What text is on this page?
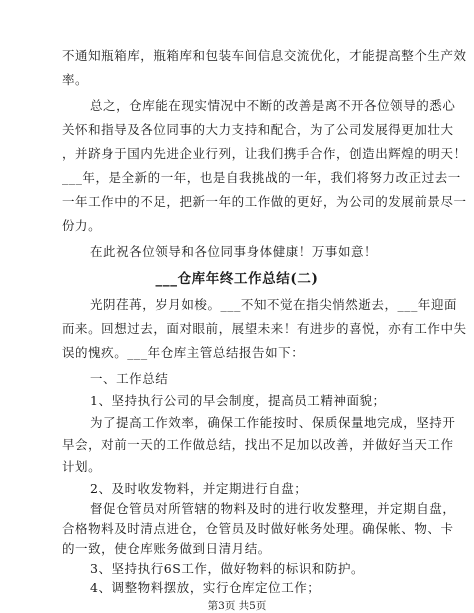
不通知瓶箱库，瓶箱库和包装车间信息交流优化，才能提高整个生产效
率。
总之，仓库能在现实情况中不断的改善是离不开各位领导的悉心
关怀和指导及各位同事的大力支持和配合，为了公司发展得更加壮大
，并跻身于国内先进企业行列，让我们携手合作，创造出辉煌的明天！
___年，是全新的一年，也是自我挑战的一年，我们将努力改正过去一
一年工作中的不足，把新一年的工作做的更好，为公司的发展前景尽一
份力。
在此祝各位领导和各位同事身体健康！万事如意！
___仓库年终工作总结(二)
光阴荏苒，岁月如梭。___不知不觉在指尖悄然逝去，___年迎面
而来。回想过去，面对眼前，展望未来！有进步的喜悦，亦有工作中失
误的愧疚。___年仓库主管总结报告如下：
一、工作总结
1、坚持执行公司的早会制度，提高员工精神面貌；
为了提高工作效率，确保工作能按时、保质保量地完成，坚持开
早会，对前一天的工作做总结，找出不足加以改善，并做好当天工作
计划。
2、及时收发物料，并定期进行自盘；
督促仓管员对所管辖的物料及时的进行收发整理，并定期自盘，
合格物料及时清点进仓，仓管员及时做好帐务处理。确保帐、物、卡
的一致，使仓库账务做到日清月结。
3、坚持执行6S工作，做好物料的标识和防护。
4、调整物料摆放，实行仓库定位工作；
第3页 共5页
